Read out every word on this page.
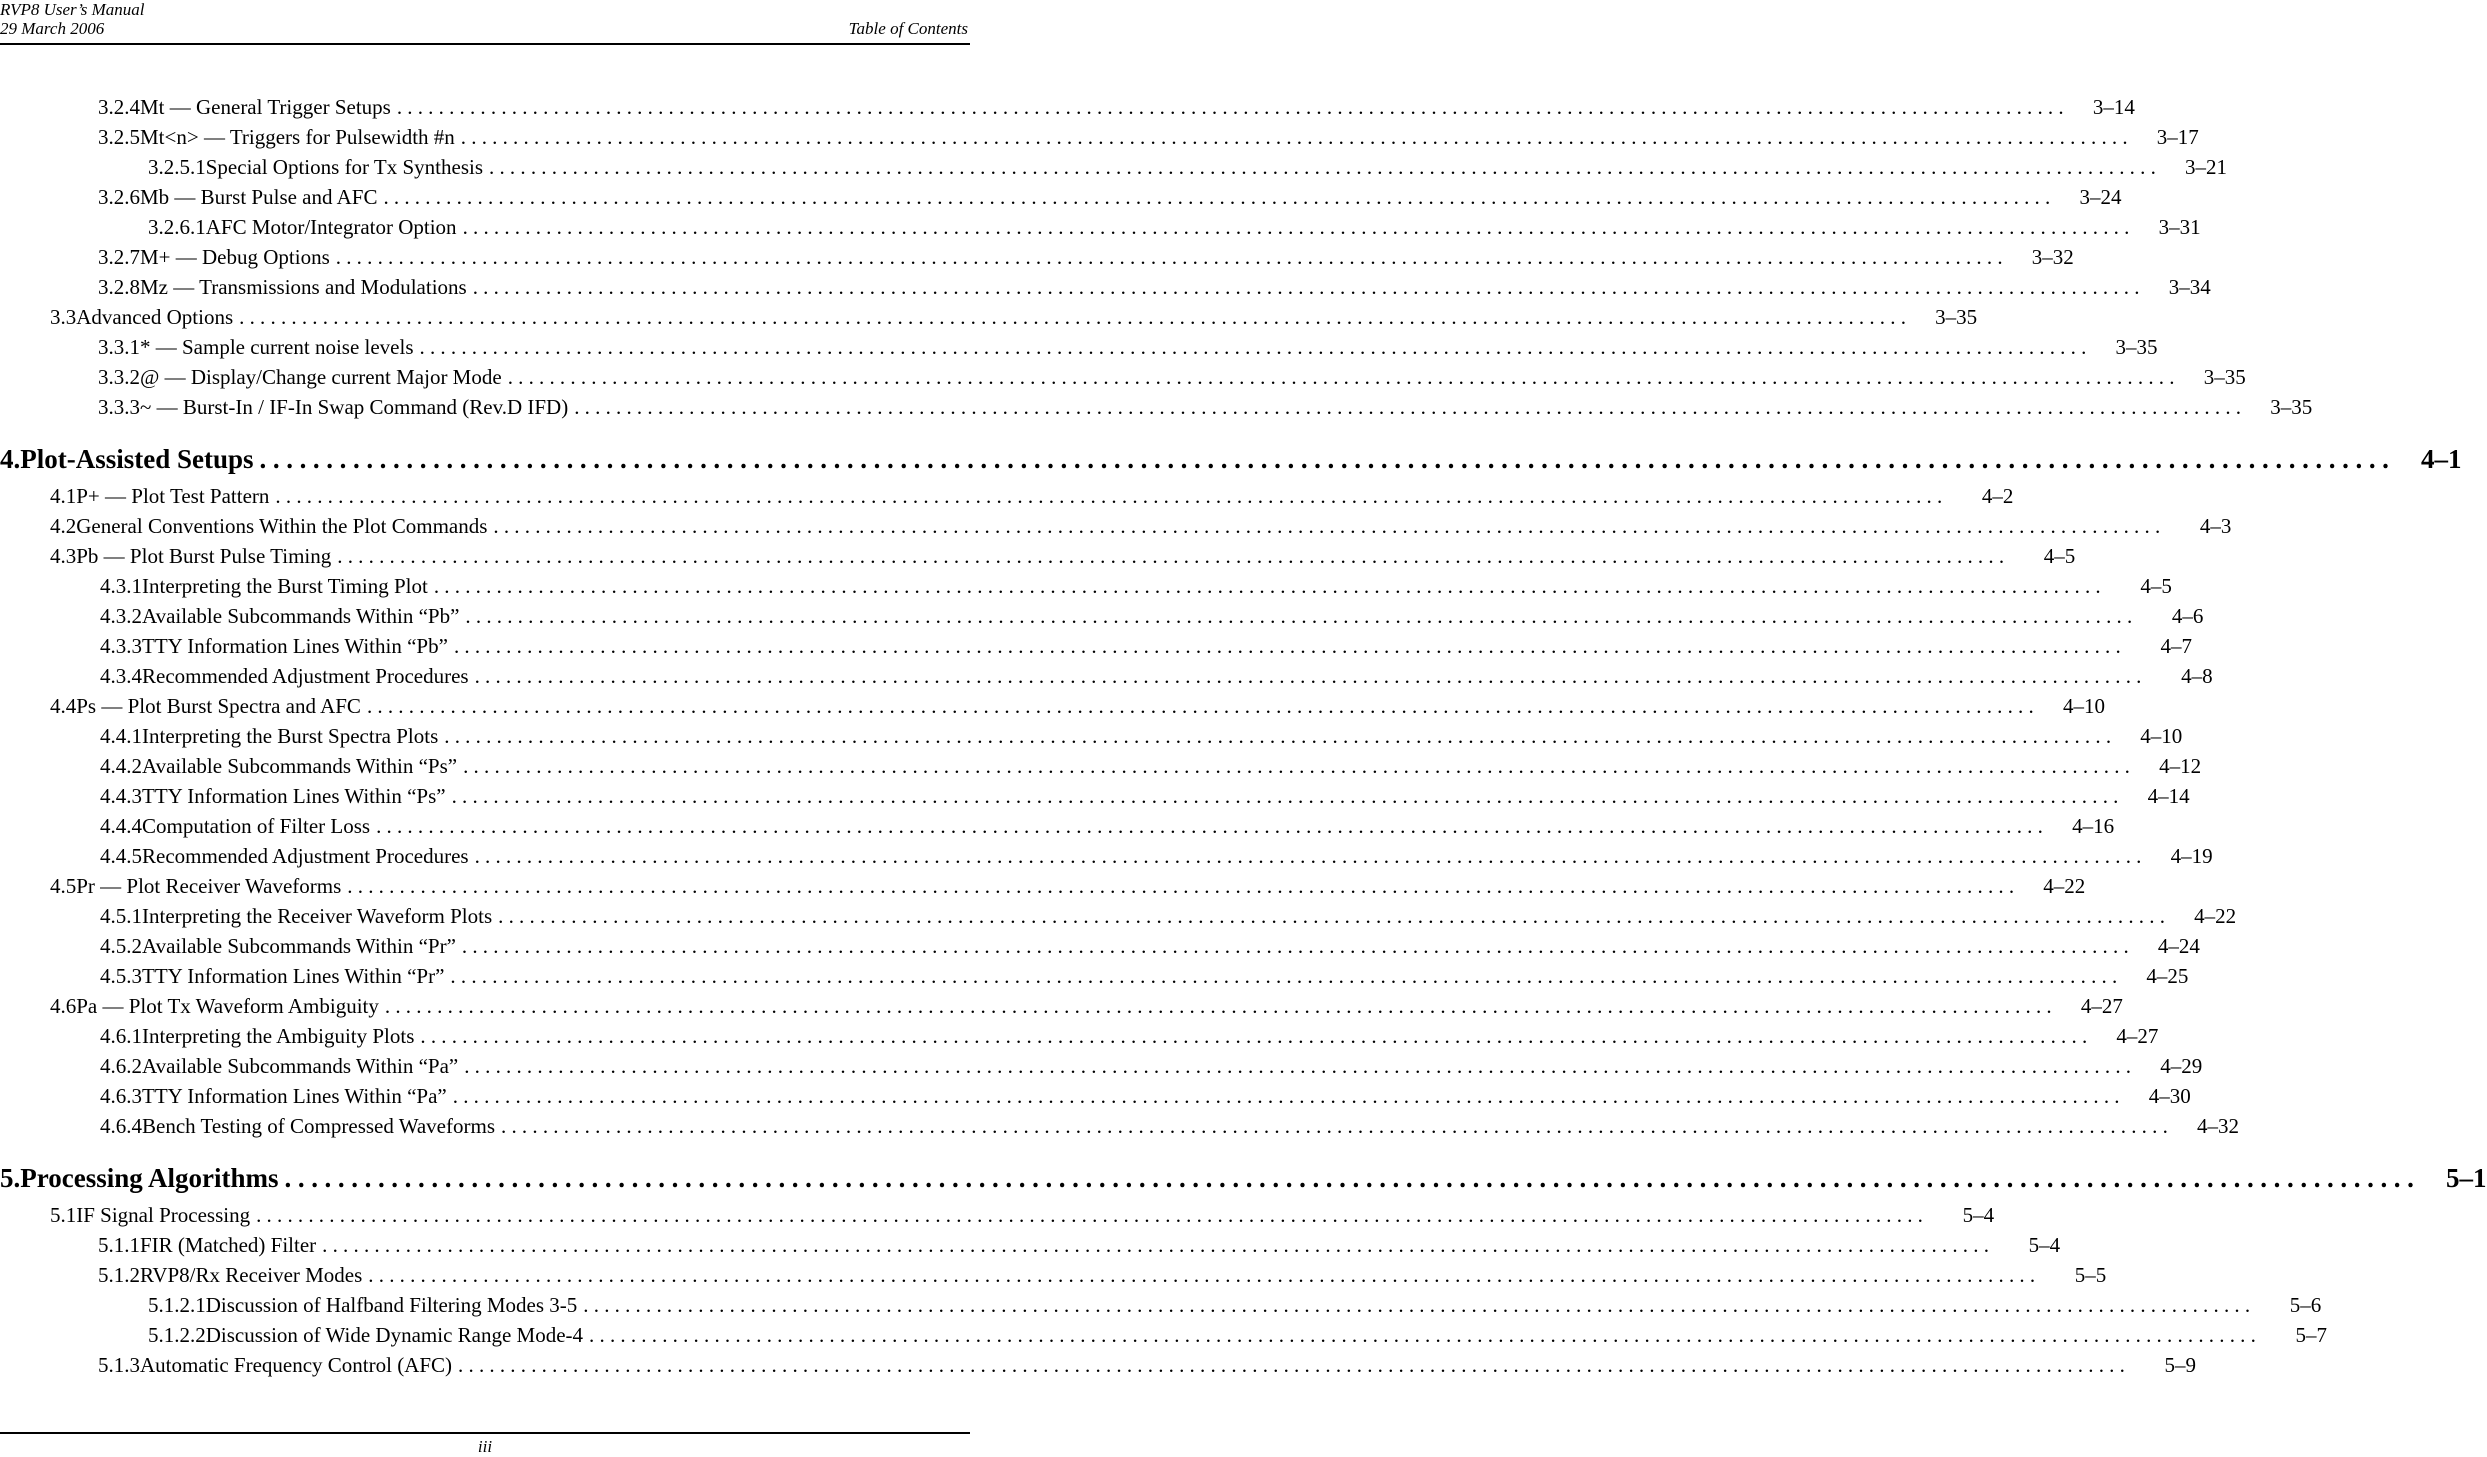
RVP8 User’s Manual
29 March 2006	Table of Contents
3.2.4 Mt — General Trigger Setups ................................................................................................................................................................	3–14
3.2.5 Mt<n> — Triggers for Pulsewidth #n ................................................................................................................................................................	3–17
3.2.5.1 Special Options for Tx Synthesis ................................................................................................................................................................	3–21
3.2.6 Mb — Burst Pulse and AFC ................................................................................................................................................................	3–24
3.2.6.1 AFC Motor/Integrator Option ................................................................................................................................................................	3–31
3.2.7 M+ — Debug Options ................................................................................................................................................................	3–32
3.2.8 Mz — Transmissions and Modulations ................................................................................................................................................................	3–34
3.3 Advanced Options ................................................................................................................................................................	3–35
3.3.1 * — Sample current noise levels ................................................................................................................................................................	3–35
3.3.2 @ — Display/Change current Major Mode ................................................................................................................................................................	3–35
3.3.3 ~ — Burst-In / IF-In Swap Command (Rev.D IFD) ................................................................................................................................................................	3–35
4. Plot-Assisted Setups ................................................................................................................................................................ 4–1
4.1 P+ — Plot Test Pattern ................................................................................................................................................................	4–2
4.2 General Conventions Within the Plot Commands ................................................................................................................................................................	4–3
4.3 Pb — Plot Burst Pulse Timing ................................................................................................................................................................	4–5
4.3.1 Interpreting the Burst Timing Plot ................................................................................................................................................................	4–5
4.3.2 Available Subcommands Within “Pb” ................................................................................................................................................................	4–6
4.3.3 TTY Information Lines Within “Pb” ................................................................................................................................................................	4–7
4.3.4 Recommended Adjustment Procedures ................................................................................................................................................................	4–8
4.4 Ps — Plot Burst Spectra and AFC ................................................................................................................................................................	4–10
4.4.1 Interpreting the Burst Spectra Plots ................................................................................................................................................................	4–10
4.4.2 Available Subcommands Within “Ps” ................................................................................................................................................................	4–12
4.4.3 TTY Information Lines Within “Ps” ................................................................................................................................................................	4–14
4.4.4 Computation of Filter Loss ................................................................................................................................................................	4–16
4.4.5 Recommended Adjustment Procedures ................................................................................................................................................................	4–19
4.5 Pr — Plot Receiver Waveforms ................................................................................................................................................................	4–22
4.5.1 Interpreting the Receiver Waveform Plots ................................................................................................................................................................	4–22
4.5.2 Available Subcommands Within “Pr” ................................................................................................................................................................	4–24
4.5.3 TTY Information Lines Within “Pr” ................................................................................................................................................................	4–25
4.6 Pa — Plot Tx Waveform Ambiguity ................................................................................................................................................................	4–27
4.6.1 Interpreting the Ambiguity Plots ................................................................................................................................................................	4–27
4.6.2 Available Subcommands Within “Pa” ................................................................................................................................................................	4–29
4.6.3 TTY Information Lines Within “Pa” ................................................................................................................................................................	4–30
4.6.4 Bench Testing of Compressed Waveforms ................................................................................................................................................................	4–32
5. Processing Algorithms ................................................................................................................................................................ 5–1
5.1 IF Signal Processing ................................................................................................................................................................	5–4
5.1.1 FIR (Matched) Filter ................................................................................................................................................................	5–4
5.1.2 RVP8/Rx Receiver Modes ................................................................................................................................................................	5–5
5.1.2.1 Discussion of Halfband Filtering Modes 3-5 ................................................................................................................................................................	5–6
5.1.2.2 Discussion of Wide Dynamic Range Mode-4 ................................................................................................................................................................	5–7
5.1.3 Automatic Frequency Control (AFC) ................................................................................................................................................................	5–9
iii
